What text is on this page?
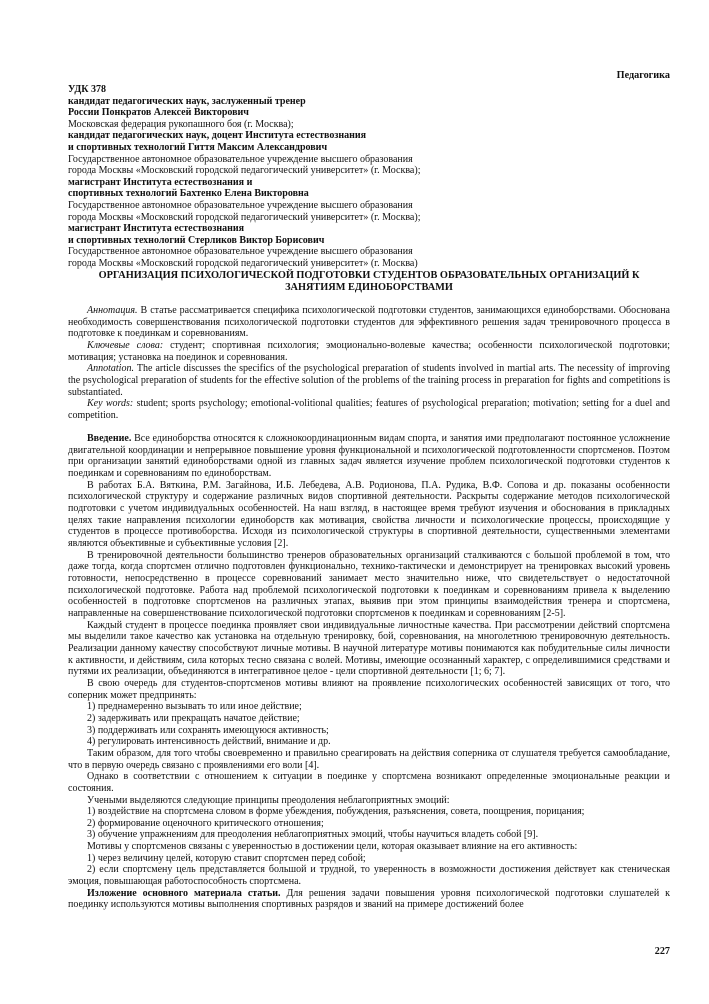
Педагогика
УДК 378
кандидат педагогических наук, заслуженный тренер
России Понкратов Алексей Викторович
Московская федерация рукопашного боя (г. Москва);
кандидат педагогических наук, доцент Института естествознания
и спортивных технологий Гиття Максим Александрович
Государственное автономное образовательное учреждение высшего образования
города Москвы «Московский городской педагогический университет» (г. Москва);
магистрант Института естествознания и
спортивных технологий Бахтенко Елена Викторовна
Государственное автономное образовательное учреждение высшего образования
города Москвы «Московский городской педагогический университет» (г. Москва);
магистрант Института естествознания
и спортивных технологий Стерликов Виктор Борисович
Государственное автономное образовательное учреждение высшего образования
города Москвы «Московский городской педагогический университет» (г. Москва)
ОРГАНИЗАЦИЯ ПСИХОЛОГИЧЕСКОЙ ПОДГОТОВКИ СТУДЕНТОВ ОБРАЗОВАТЕЛЬНЫХ ОРГАНИЗАЦИЙ К ЗАНЯТИЯМ ЕДИНОБОРСТВАМИ

Аннотация. В статье рассматривается специфика психологической подготовки студентов, занимающихся единоборствами. Обоснована необходимость совершенствования психологической подготовки студентов для эффективного решения задач тренировочного процесса в подготовке к поединкам и соревнованиям.

Ключевые слова: студент; спортивная психология; эмоционально-волевые качества; особенности психологической подготовки; мотивация; установка на поединок и соревнования.

Annotation. The article discusses the specifics of the psychological preparation of students involved in martial arts. The necessity of improving the psychological preparation of students for the effective solution of the problems of the training process in preparation for fights and competitions is substantiated.

Key words: student; sports psychology; emotional-volitional qualities; features of psychological preparation; motivation; setting for a duel and competition.

Введение. Все единоборства относятся к сложнокоординационным видам спорта, и занятия ими предполагают постоянное усложнение двигательной координации и непрерывное повышение уровня функциональной и психологической подготовленности спортсменов. Поэтом при организации занятий единоборствами одной из главных задач является изучение проблем психологической подготовки студентов к поединкам и соревнованиям по единоборствам.

В работах Б.А. Вяткина, Р.М. Загайнова, И.Б. Лебедева, А.В. Родионова, П.А. Рудика, В.Ф. Сопова и др. показаны особенности психологической структуру и содержание различных видов спортивной деятельности. Раскрыты содержание методов психологической подготовки с учетом индивидуальных особенностей. На наш взгляд, в настоящее время требуют изучения и обоснования в прикладных целях такие направления психологии единоборств как мотивация, свойства личности и психологические процессы, происходящие у студентов в процессе противоборства. Исходя из психологической структуры в спортивной деятельности, существенными элементами являются объективные и субъективные условия [2].

В тренировочной деятельности большинство тренеров образовательных организаций сталкиваются с большой проблемой в том, что даже тогда, когда спортсмен отлично подготовлен функционально, технико-тактически и демонстрирует на тренировках высокий уровень готовности, непосредственно в процессе соревнований занимает место значительно ниже, что свидетельствует о недостаточной психологической подготовке. Работа над проблемой психологической подготовки к поединкам и соревнованиям привела к выделению особенностей в подготовке спортсменов на различных этапах, выявив при этом принципы взаимодействия тренера и спортсмена, направленные на совершенствование психологической подготовки спортсменов к поединкам и соревнованиям [2-5].

Каждый студент в процессе поединка проявляет свои индивидуальные личностные качества. При рассмотрении действий спортсмена мы выделили такое качество как установка на отдельную тренировку, бой, соревнования, на многолетнюю тренировочную деятельность. Реализации данному качеству способствуют личные мотивы. В научной литературе мотивы понимаются как побудительные силы личности к активности, и действиям, сила которых тесно связана с волей. Мотивы, имеющие осознанный характер, с определившимися средствами и путями их реализации, объединяются в интегративное целое - цели спортивной деятельности [1; 6; 7].

В свою очередь для студентов-спортсменов мотивы влияют на проявление психологических особенностей зависящих от того, что соперник может предпринять:

1) преднамеренно вызывать то или иное действие;

2) задерживать или прекращать начатое действие;

3) поддерживать или сохранять имеющуюся активность;

4) регулировать интенсивность действий, внимание и др.

Таким образом, для того чтобы своевременно и правильно среагировать на действия соперника от слушателя требуется самообладание, что в первую очередь связано с проявлениями его воли [4].

Однако в соответствии с отношением к ситуации в поединке у спортсмена возникают определенные эмоциональные реакции и состояния.

Учеными выделяются следующие принципы преодоления неблагоприятных эмоций:

1) воздействие на спортсмена словом в форме убеждения, побуждения, разъяснения, совета, поощрения, порицания;

2) формирование оценочного критического отношения;

3) обучение упражнениям для преодоления неблагоприятных эмоций, чтобы научиться владеть собой [9].

Мотивы у спортсменов связаны с уверенностью в достижении цели, которая оказывает влияние на его активность:

1) через величину целей, которую ставит спортсмен перед собой;

2) если спортсмену цель представляется большой и трудной, то уверенность в возможности достижения действует как стеническая эмоция, повышающая работоспособность спортсмена.

Изложение основного материала статьи. Для решения задачи повышения уровня психологической подготовки слушателей к поединку используются мотивы выполнения спортивных разрядов и званий на примере достижений более

227
